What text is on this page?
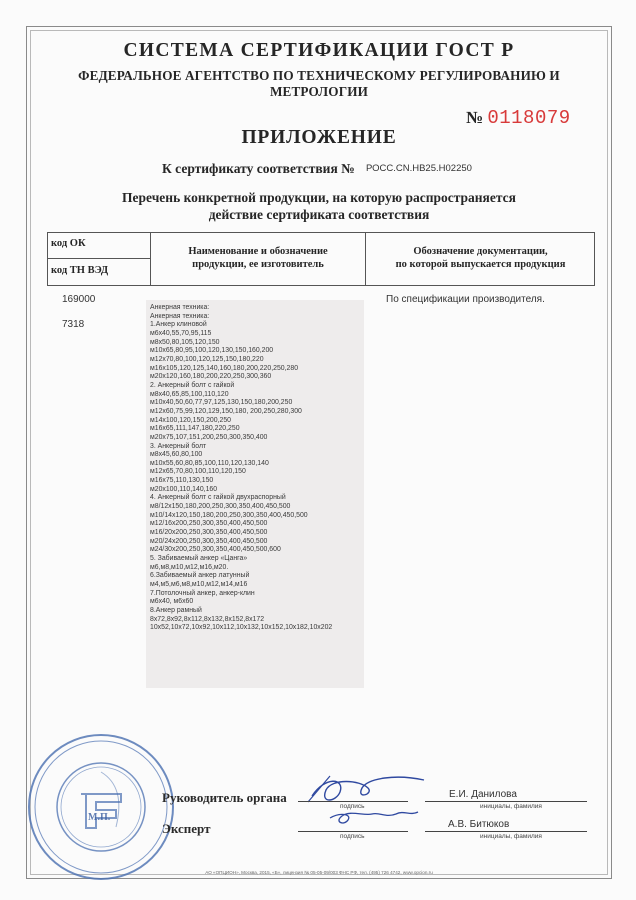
СИСТЕМА СЕРТИФИКАЦИИ ГОСТ Р
ФЕДЕРАЛЬНОЕ АГЕНТСТВО ПО ТЕХНИЧЕСКОМУ РЕГУЛИРОВАНИЮ И МЕТРОЛОГИИ
№ 0118079
ПРИЛОЖЕНИЕ
К сертификату соответствия № РОСС.CN.НВ25.Н02250
Перечень конкретной продукции, на которую распространяется
действие сертификата соответствия
код ОК
код ТН ВЭД
Наименование и обозначение
продукции, ее изготовитель
Обозначение документации,
по которой выпускается продукция
169000
7318
По спецификации производителя.
Анкерная техника:
Анкерная техника:
1.Анкер клиновой
м6х40,55,70,95,115
м8х50,80,105,120,150
м10х65,80,95,100,120,130,150,160,200
м12х70,80,100,120,125,150,180,220
м16х105,120,125,140,160,180,200,220,250,280
м20х120,160,180,200,220,250,300,360
2. Анкерный болт с гайкой
м8х40,65,85,100,110,120
м10х40,50,60,77,97,125,130,150,180,200,250
м12х60,75,99,120,129,150,180, 200,250,280,300
м14х100,120,150,200,250
м16х65,111,147,180,220,250
м20х75,107,151,200,250,300,350,400
3. Анкерный болт
м8х45,60,80,100
м10х55,60,80,85,100,110,120,130,140
м12х65,70,80,100,110,120,150
м16х75,110,130,150
м20х100,110,140,160
4. Анкерный болт с гайкой двухраспорный
м8/12х150,180,200,250,300,350,400,450,500
м10/14х120,150,180,200,250,300,350,400,450,500
м12/16х200,250,300,350,400,450,500
м16/20х200,250,300,350,400,450,500
м20/24х200,250,300,350,400,450,500
м24/30х200,250,300,350,400,450,500,600
5. Забиваемый анкер «Цанга»
м6,м8,м10,м12,м16,м20.
6.Забиваемый анкер латунный
м4,м5,м6,м8,м10,м12,м14,м16
7.Потолочный анкер, анкер-клин
м6х40, м6х60
8.Анкер рамный
8х72,8х92,8х112,8х132,8х152,8х172
10х52,10х72,10х92,10х112,10х132,10х152,10х182,10х202
М.П.
Руководитель органа
подпись
Е.И. Данилова
инициалы, фамилия
Эксперт
подпись
А.В. Битюков
инициалы, фамилия
АО «ОПЦИОН», Москва, 2015, «Б», лицензия № 05-05-09/003 ФНС РФ, тел. (495) 726 4742, www.opcion.ru
